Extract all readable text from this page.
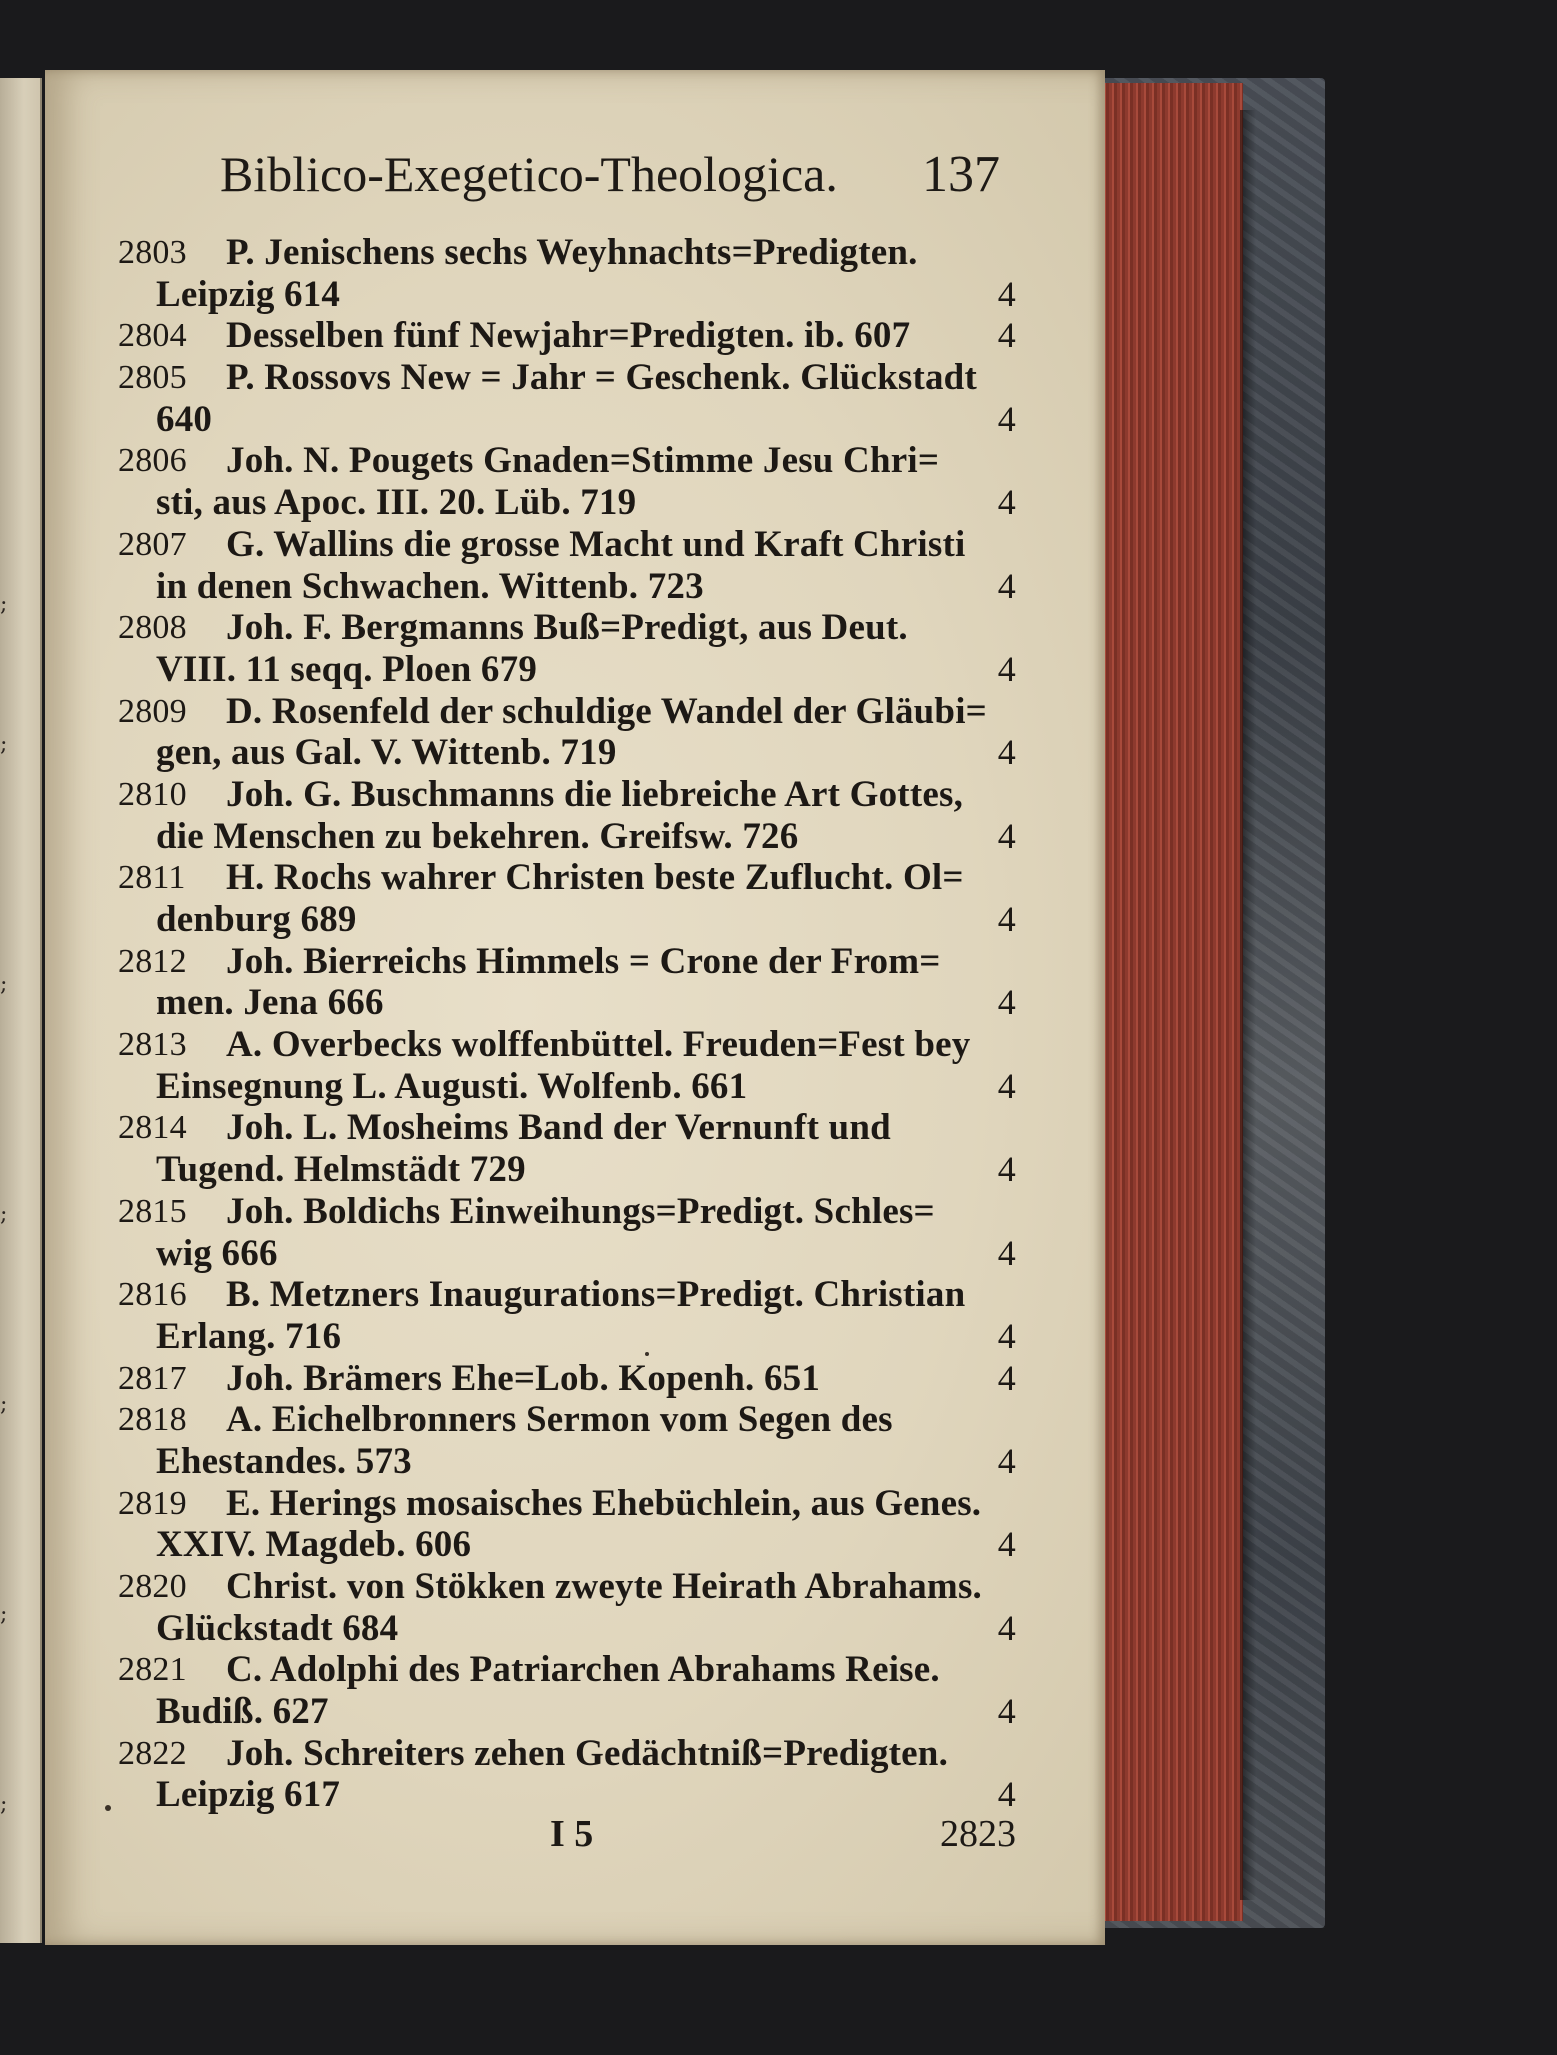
;
;
;
;
;
;
;
Biblico-Exegetico-Theologica. 137
2803 P. Jenischens sechs Weyhnachts=Predigten.
Leipzig 614	4
2804 Desselben fünf Newjahr=Predigten. ib. 607 4
2805 P. Rossovs New = Jahr = Geschenk. Glückstadt
640	4
2806 Joh. N. Pougets Gnaden=Stimme Jesu Chri=
sti, aus Apoc. III. 20. Lüb. 719	4
2807 G. Wallins die grosse Macht und Kraft Christi
in denen Schwachen. Wittenb. 723	4
2808 Joh. F. Bergmanns Buß=Predigt, aus Deut.
VIII. 11 seqq. Ploen 679	4
2809 D. Rosenfeld der schuldige Wandel der Gläubi=
gen, aus Gal. V. Wittenb. 719	4
2810 Joh. G. Buschmanns die liebreiche Art Gottes,
die Menschen zu bekehren. Greifsw. 726	4
2811 H. Rochs wahrer Christen beste Zuflucht. Ol=
denburg 689	4
2812 Joh. Bierreichs Himmels = Crone der From=
men. Jena 666	4
2813 A. Overbecks wolffenbüttel. Freuden=Fest bey
Einsegnung L. Augusti. Wolfenb. 661	4
2814 Joh. L. Mosheims Band der Vernunft und
Tugend. Helmstädt 729	4
2815 Joh. Boldichs Einweihungs=Predigt. Schles=
wig 666	4
2816 B. Metzners Inaugurations=Predigt. Christian
Erlang. 716	4
2817 Joh. Brämers Ehe=Lob. Kopenh. 651	4
2818 A. Eichelbronners Sermon vom Segen des
Ehestandes. 573	4
2819 E. Herings mosaisches Ehebüchlein, aus Genes.
XXIV. Magdeb. 606	4
2820 Christ. von Stökken zweyte Heirath Abrahams.
Glückstadt 684	4
2821 C. Adolphi des Patriarchen Abrahams Reise.
Budiß. 627	4
2822 Joh. Schreiters zehen Gedächtniß=Predigten.
Leipzig 617	4
I 5	2823
